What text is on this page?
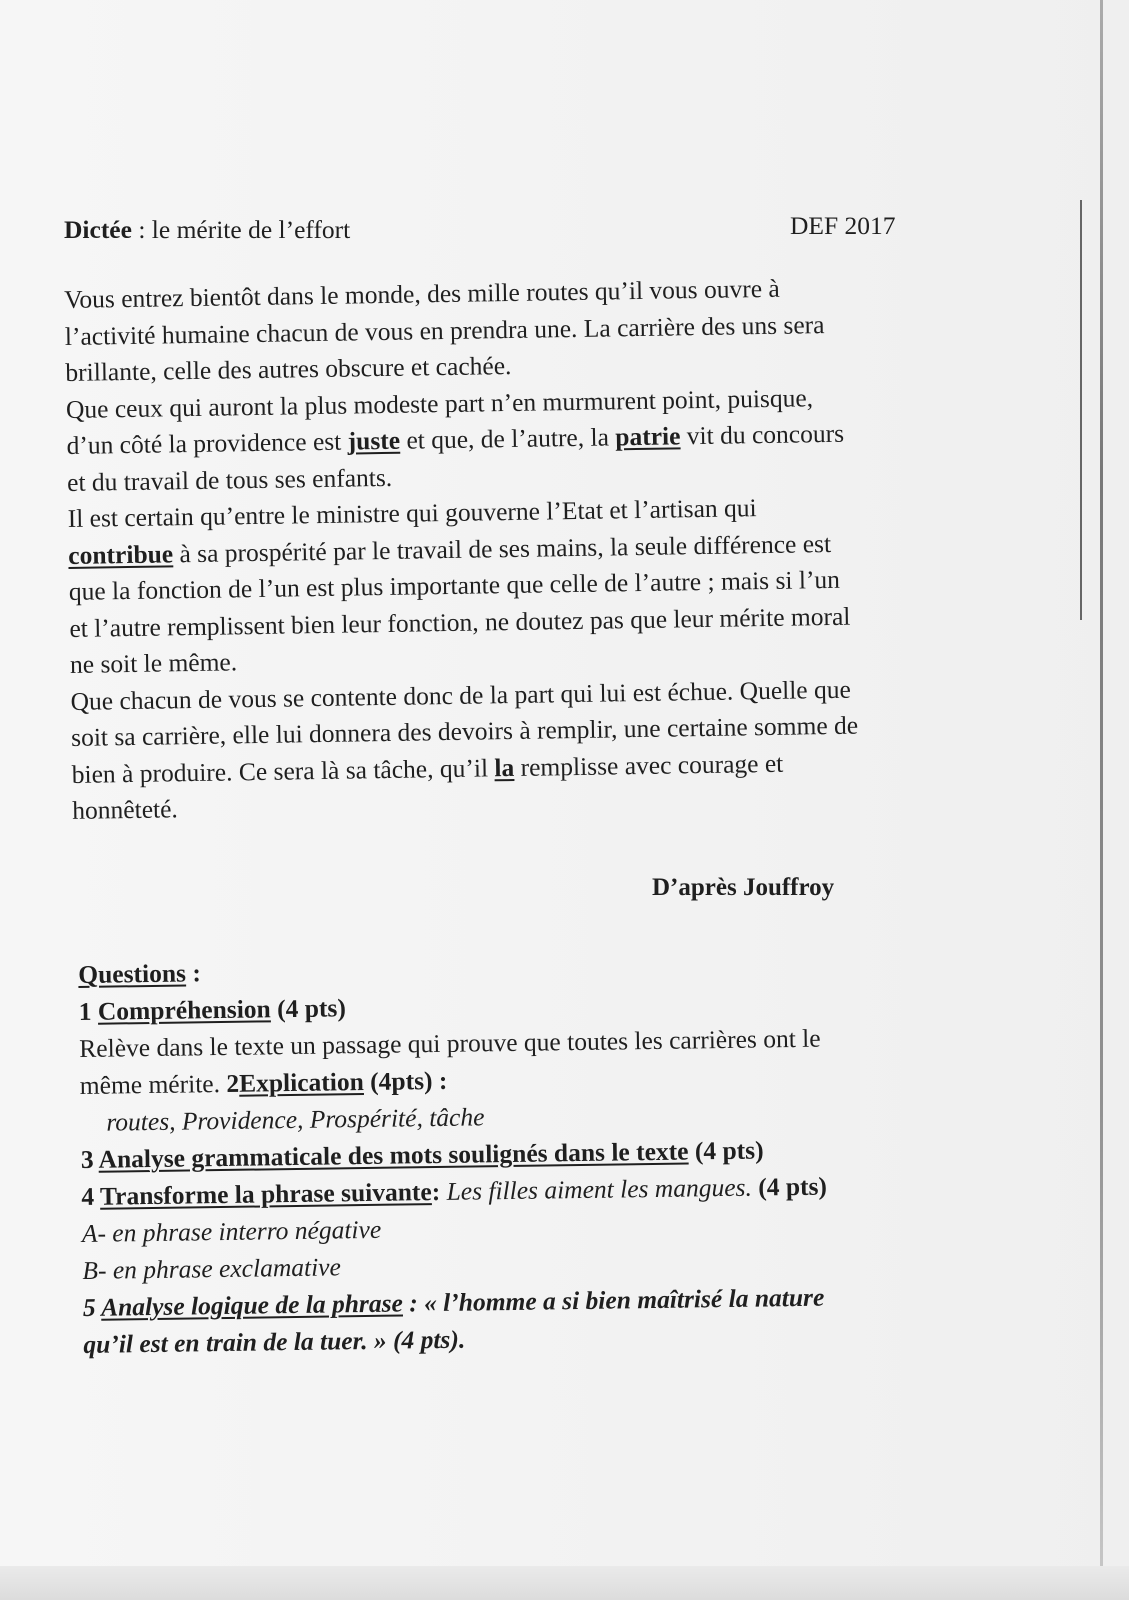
Dictée : le mérite de l’effort	DEF 2017
Vous entrez bientôt dans le monde, des mille routes qu’il vous ouvre à
l’activité humaine chacun de vous en prendra une. La carrière des uns sera
brillante, celle des autres obscure et cachée.
Que ceux qui auront la plus modeste part n’en murmurent point, puisque,
d’un côté la providence est juste et que, de l’autre, la patrie vit du concours
et du travail de tous ses enfants.
Il est certain qu’entre le ministre qui gouverne l’Etat et l’artisan qui
contribue à sa prospérité par le travail de ses mains, la seule différence est
que la fonction de l’un est plus importante que celle de l’autre ; mais si l’un
et l’autre remplissent bien leur fonction, ne doutez pas que leur mérite moral
ne soit le même.
Que chacun de vous se contente donc de la part qui lui est échue. Quelle que
soit sa carrière, elle lui donnera des devoirs à remplir, une certaine somme de
bien à produire. Ce sera là sa tâche, qu’il la remplisse avec courage et
honnêteté.
D’après Jouffroy
Questions :
1 Compréhension (4 pts)
Relève dans le texte un passage qui prouve que toutes les carrières ont le
même mérite. 2Explication (4pts) :
routes, Providence, Prospérité, tâche
3 Analyse grammaticale des mots soulignés dans le texte (4 pts)
4 Transforme la phrase suivante: Les filles aiment les mangues. (4 pts)
A- en phrase interro négative
B- en phrase exclamative
5 Analyse logique de la phrase : « l’homme a si bien maîtrisé la nature
qu’il est en train de la tuer. » (4 pts).
